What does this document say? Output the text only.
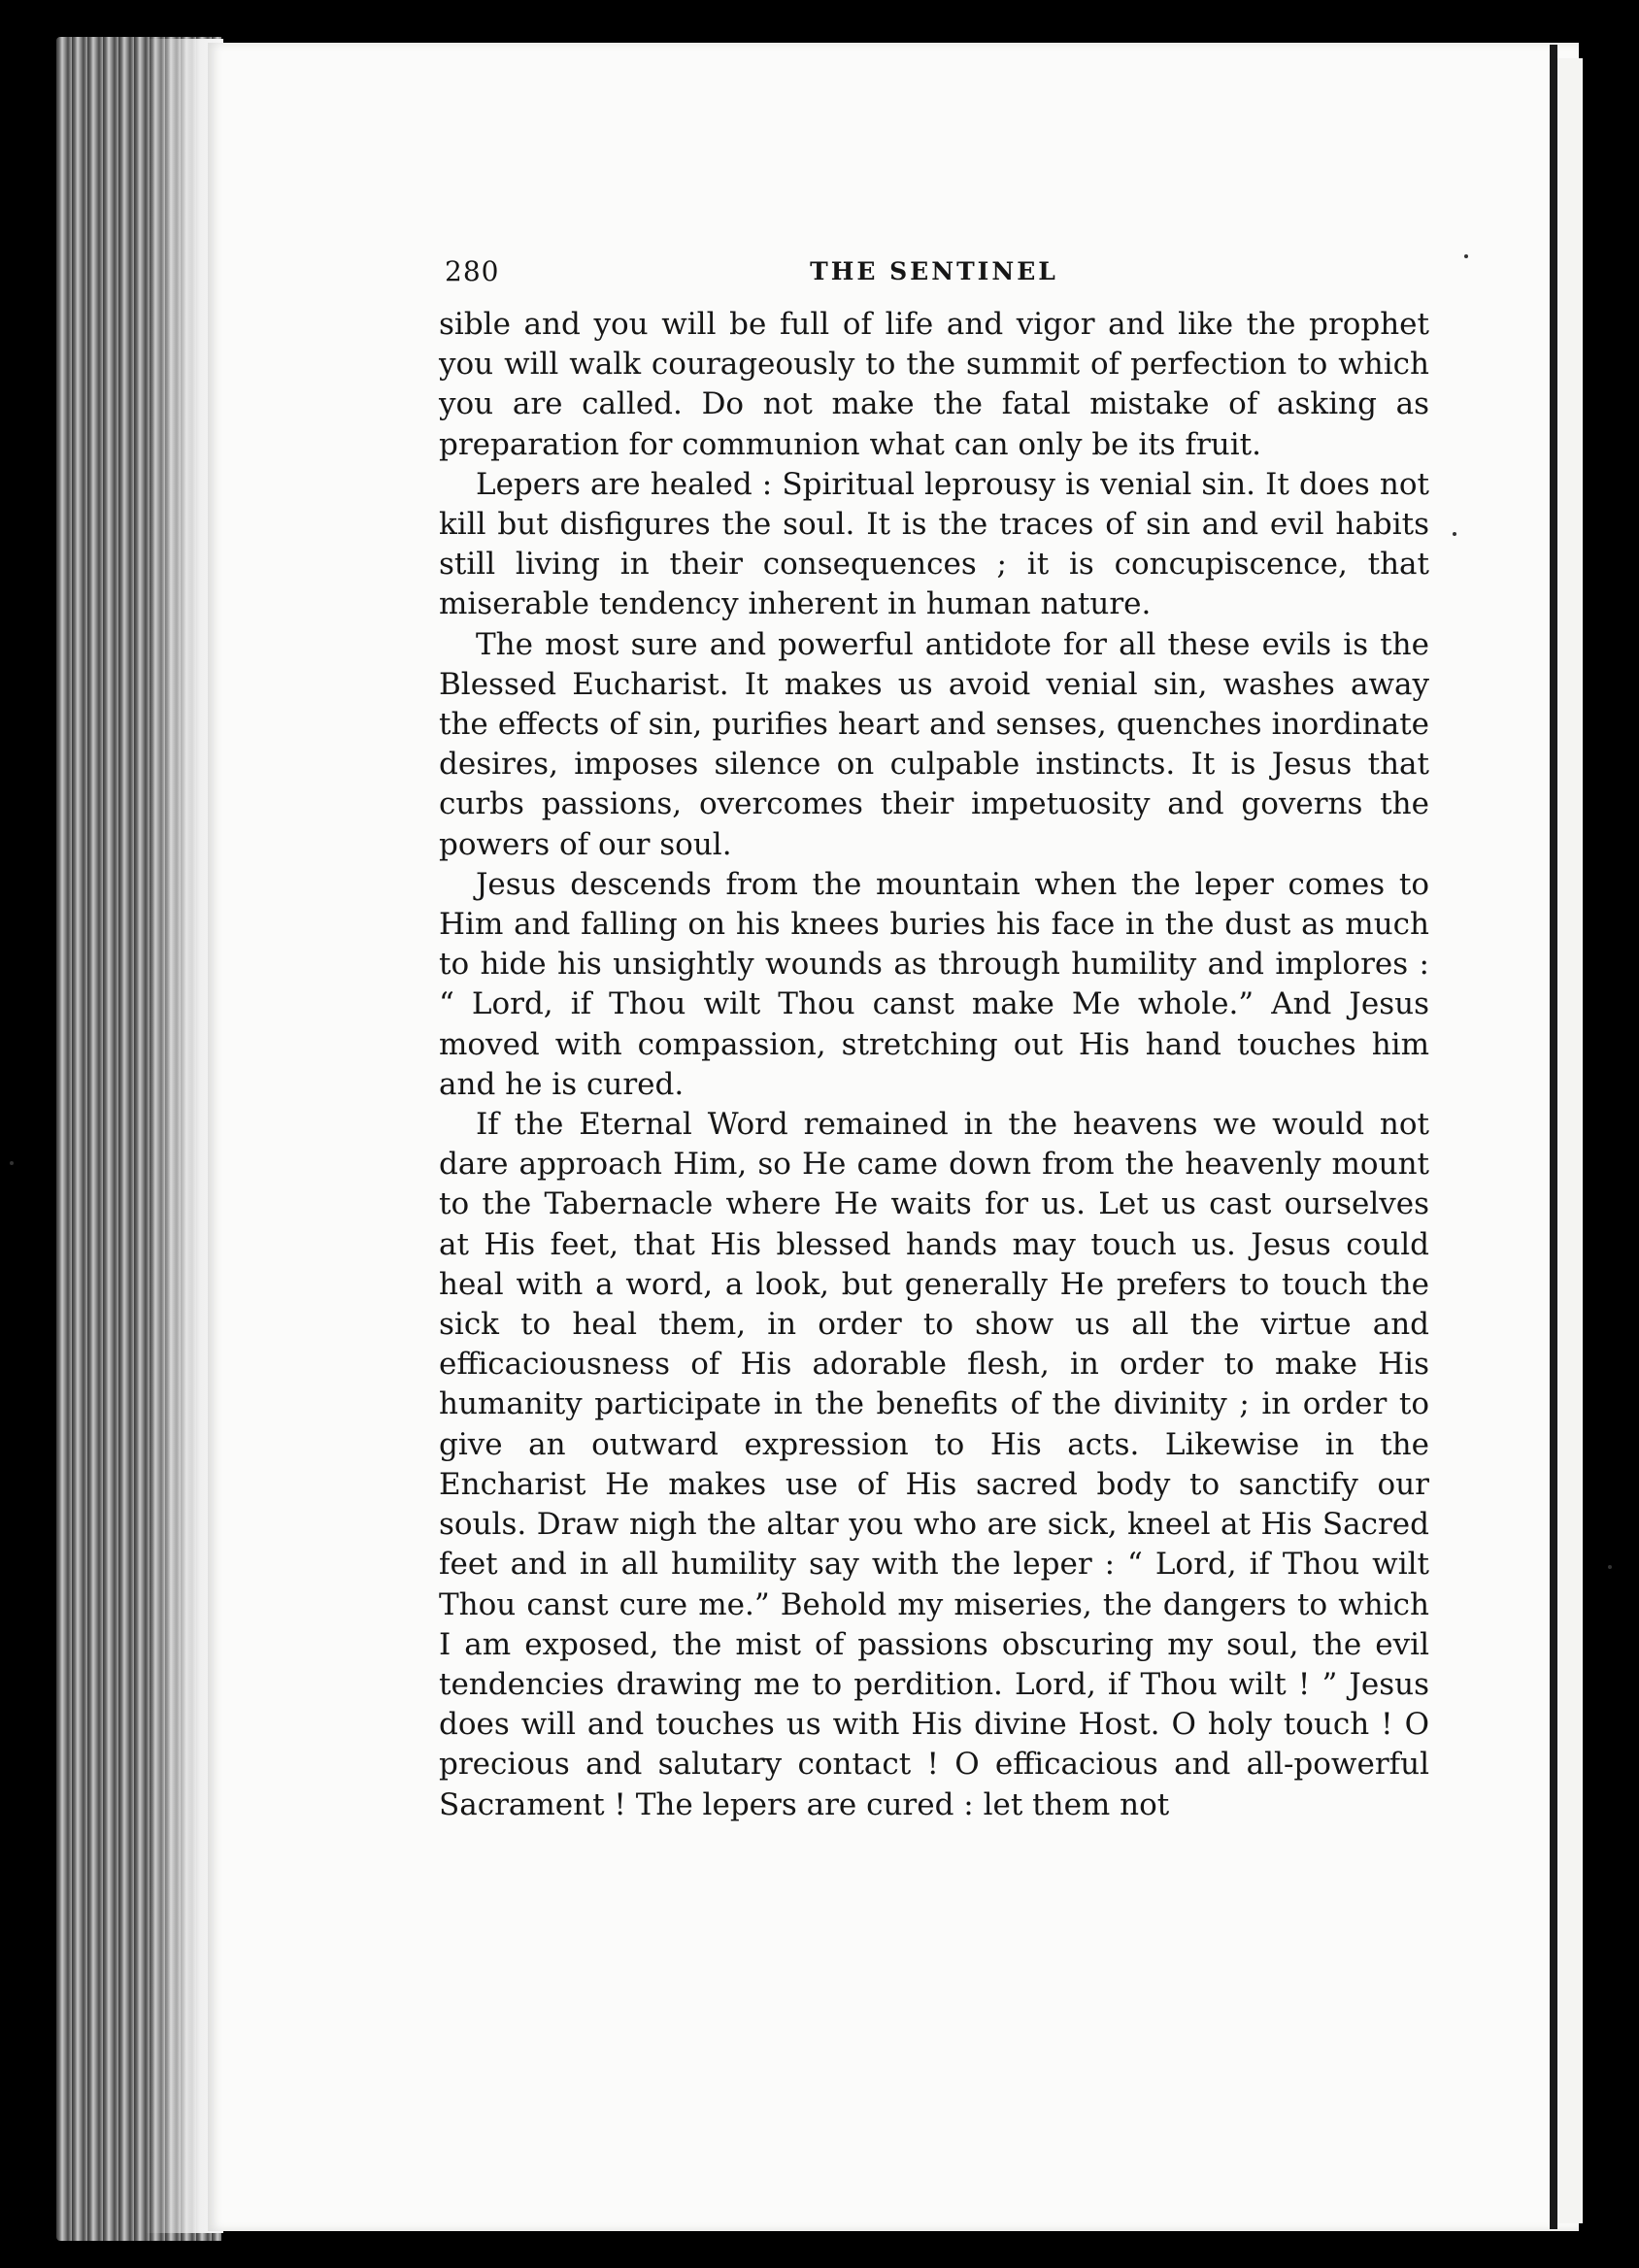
280	THE SENTINEL

sible and you will be full of life and vigor and like the prophet you will walk courageously to the summit of perfection to which you are called. Do not make the fatal mistake of asking as preparation for communion what can only be its fruit.

Lepers are healed : Spiritual leprousy is venial sin. It does not kill but disfigures the soul. It is the traces of sin and evil habits still living in their consequences ; it is concupiscence, that miserable tendency inherent in human nature.

The most sure and powerful antidote for all these evils is the Blessed Eucharist. It makes us avoid venial sin, washes away the effects of sin, purifies heart and senses, quenches inordinate desires, imposes silence on culpable instincts. It is Jesus that curbs passions, overcomes their impetuosity and governs the powers of our soul.

Jesus descends from the mountain when the leper comes to Him and falling on his knees buries his face in the dust as much to hide his unsightly wounds as through humility and implores : “ Lord, if Thou wilt Thou canst make Me whole.” And Jesus moved with compassion, stretching out His hand touches him and he is cured.

If the Eternal Word remained in the heavens we would not dare approach Him, so He came down from the heavenly mount to the Tabernacle where He waits for us. Let us cast ourselves at His feet, that His blessed hands may touch us. Jesus could heal with a word, a look, but generally He prefers to touch the sick to heal them, in order to show us all the virtue and efficaciousness of His adorable flesh, in order to make His humanity participate in the benefits of the divinity ; in order to give an outward expression to His acts. Likewise in the Encharist He makes use of His sacred body to sanctify our souls. Draw nigh the altar you who are sick, kneel at His Sacred feet and in all humility say with the leper : “ Lord, if Thou wilt Thou canst cure me.” Behold my miseries, the dangers to which I am exposed, the mist of passions obscuring my soul, the evil tendencies drawing me to perdition. Lord, if Thou wilt ! ” Jesus does will and touches us with His divine Host. O holy touch ! O precious and salutary contact ! O efficacious and all-powerful Sacrament ! The lepers are cured : let them not
